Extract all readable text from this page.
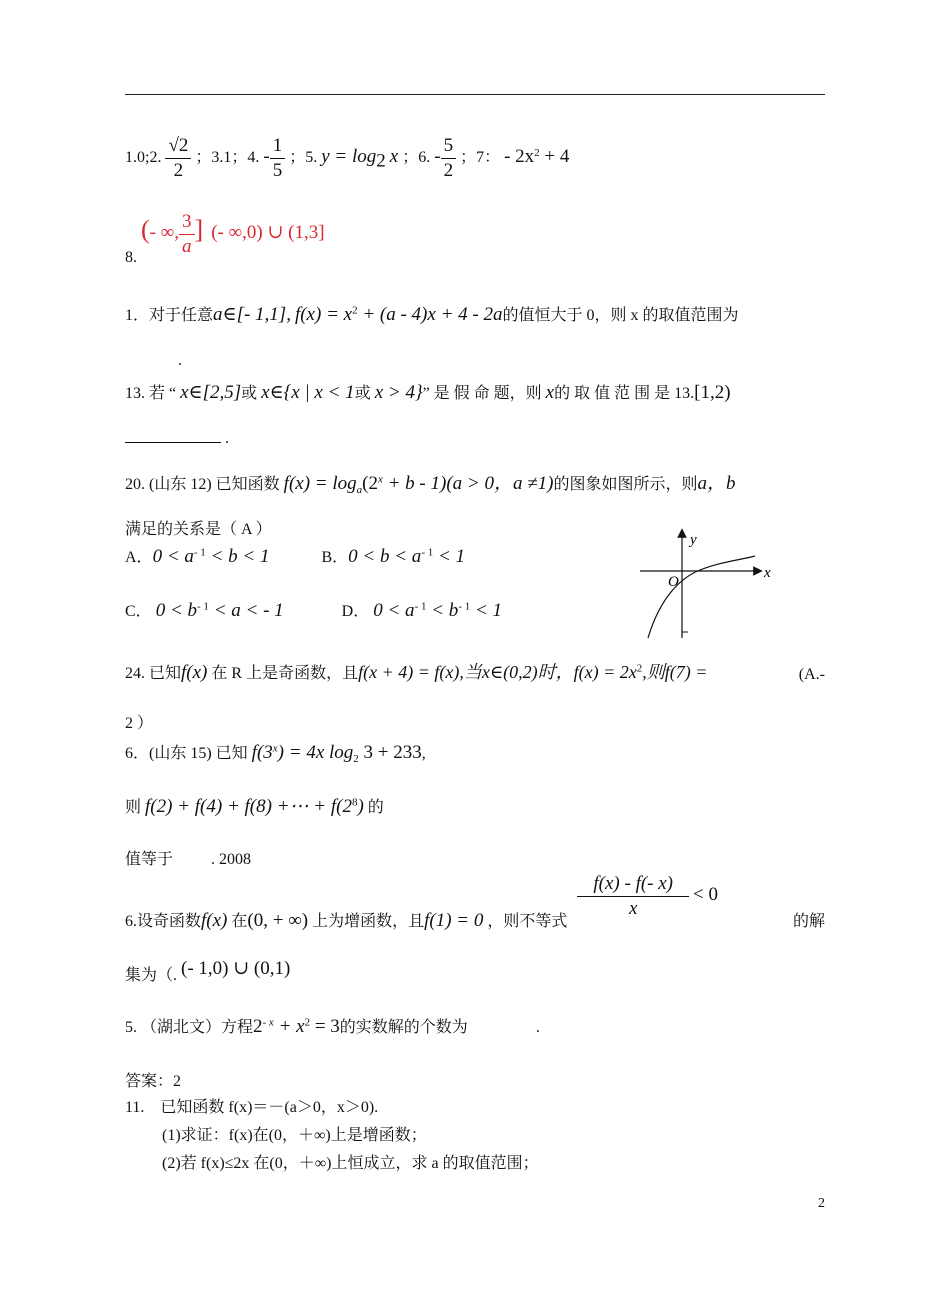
1.0;2. $\frac{√2}{2}$ ；3.1；4. - $\frac{1}{5}$ ；5. $y = \log_2 x$ ；6. - $\frac{5}{2}$ ；7： - $2x^2 + 4$
8. (- ∞, $\frac{3}{a}$ ] (- ∞,0) ∪ (1,3]
1．对于任意a∈[- 1,1], $f(x) = x^2 + (a - 4)x + 4 - 2a$的值恒大于 0，则 x 的取值范围为
.
13. 若 “ x∈[2,5]或 x∈{x | x < 1或 x > 4}” 是 假 命 题，则 x的 取 值 范 围 是 13.[1,2)
.
20. (山东 12) 已知函数 $f(x) = \log_a(2^x + b - 1)(a > 0$，a ≠1)的图象如图所示，则a，b
满足的关系是（ A ）
A．$0 < a^{- 1} < b < 1$	B．$0 < b < a^{- 1} < 1$
C． $0 < b^{- 1} < a$ < - 1	D． $0 < a^{- 1} < b^{- 1} < 1$
y
x
O
24. 已知f(x) 在 R 上是奇函数，且f(x + 4) = f(x),当x∈(0,2)时，$f(x) = 2x^2$,则f(7) =	(A.-
2 ）
6．(山东 15) 已知 $f(3^x) = 4x$ $\log_2 3 + 233$,
则 f(2) + f(4) + f(8) +⋯ + $f(2^8)$ 的
值等于 . 2008
6.设奇函数f(x) 在(0, + ∞) 上为增函数，且f(1) = 0 ，则不等式
$\frac{f(x) - f(- x)}{x} < 0$
的解
集为（. (- 1,0) ∪ (0,1)
5. （湖北文）方程$2^{- x} + x^2 = 3$的实数解的个数为	.
答案：2
11.　已知函数 f(x)＝－(a＞0，x＞0).
(1)求证：f(x)在(0，＋∞)上是增函数；
(2)若 f(x)≤2x 在(0，＋∞)上恒成立，求 a 的取值范围；
2
